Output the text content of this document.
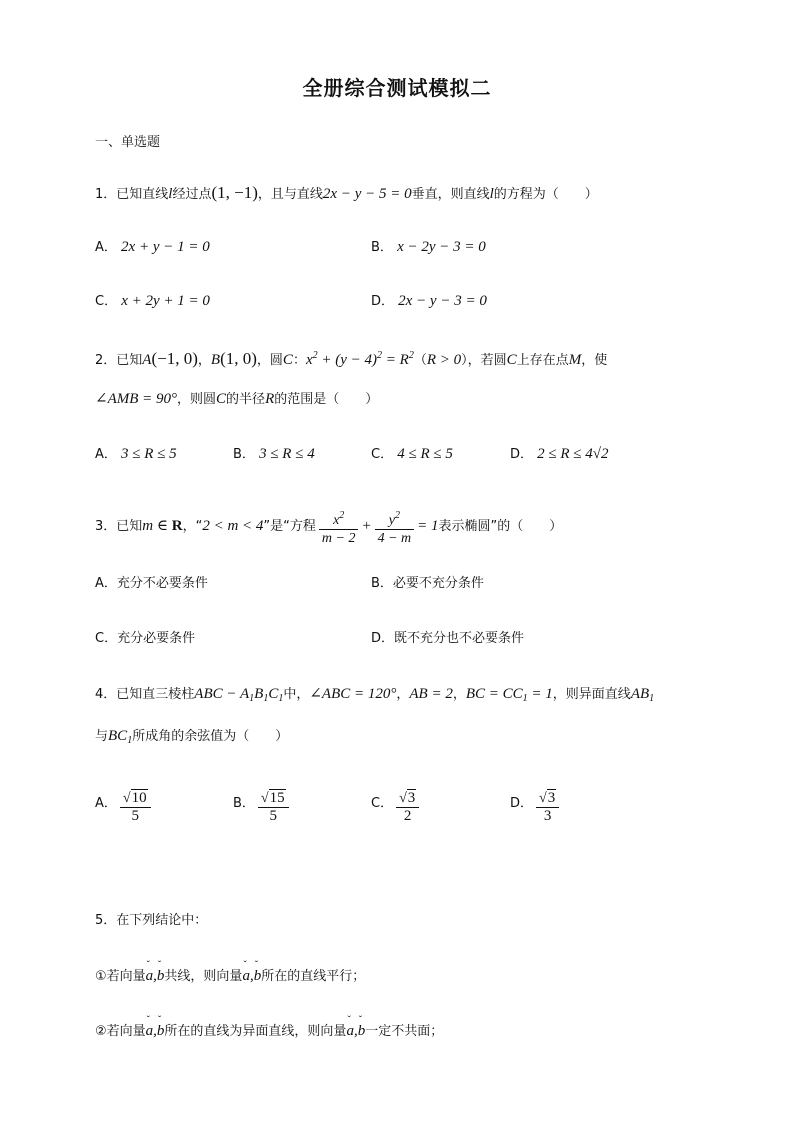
全册综合测试模拟二
一、单选题
1．已知直线l经过点(1, −1)，且与直线2x − y − 5 = 0垂直，则直线l的方程为（　　）
A． 2x + y − 1 = 0	B． x − 2y − 3 = 0
C． x + 2y + 1 = 0	D． 2x − y − 3 = 0
2．已知A(−1, 0)，B(1, 0)，圆C：$x^2 + (y - 4)^2 = R^2(R > 0)$，若圆C上存在点M，使
∠AMB = 90°，则圆C的半径R的范围是（　　）
A． 3 ≤ R ≤ 5	B． 3 ≤ R ≤ 4	C． 4 ≤ R ≤ 5	D． 2 ≤ R ≤ 4√2
3．已知m ∈ R，“2 < m < 4”是“方程 $\frac{x^2}{m - 2} + \frac{y^2}{4 - m} = 1$表示椭圆”的（　　）
A．充分不必要条件	B．必要不充分条件
C．充分必要条件	D．既不充分也不必要条件
4．已知直三棱柱ABC − $A_1B_1C_1$中，∠ABC = 120°，AB = 2，BC = $CC_1 = 1$，则异面直线$AB_1$
与$BC_1$所成角的余弦值为（　　）
A． $\frac{√10}{5}$	B． $\frac{√15}{5}$	C． $\frac{√3}{2}$	D． $\frac{√3}{3}$
5．在下列结论中：
①若向量ˇ a,ˇ b共线，则向量ˇ a,ˇ b所在的直线平行；
②若向量ˇ a,ˇ b所在的直线为异面直线，则向量ˇ a,ˇ b一定不共面；
